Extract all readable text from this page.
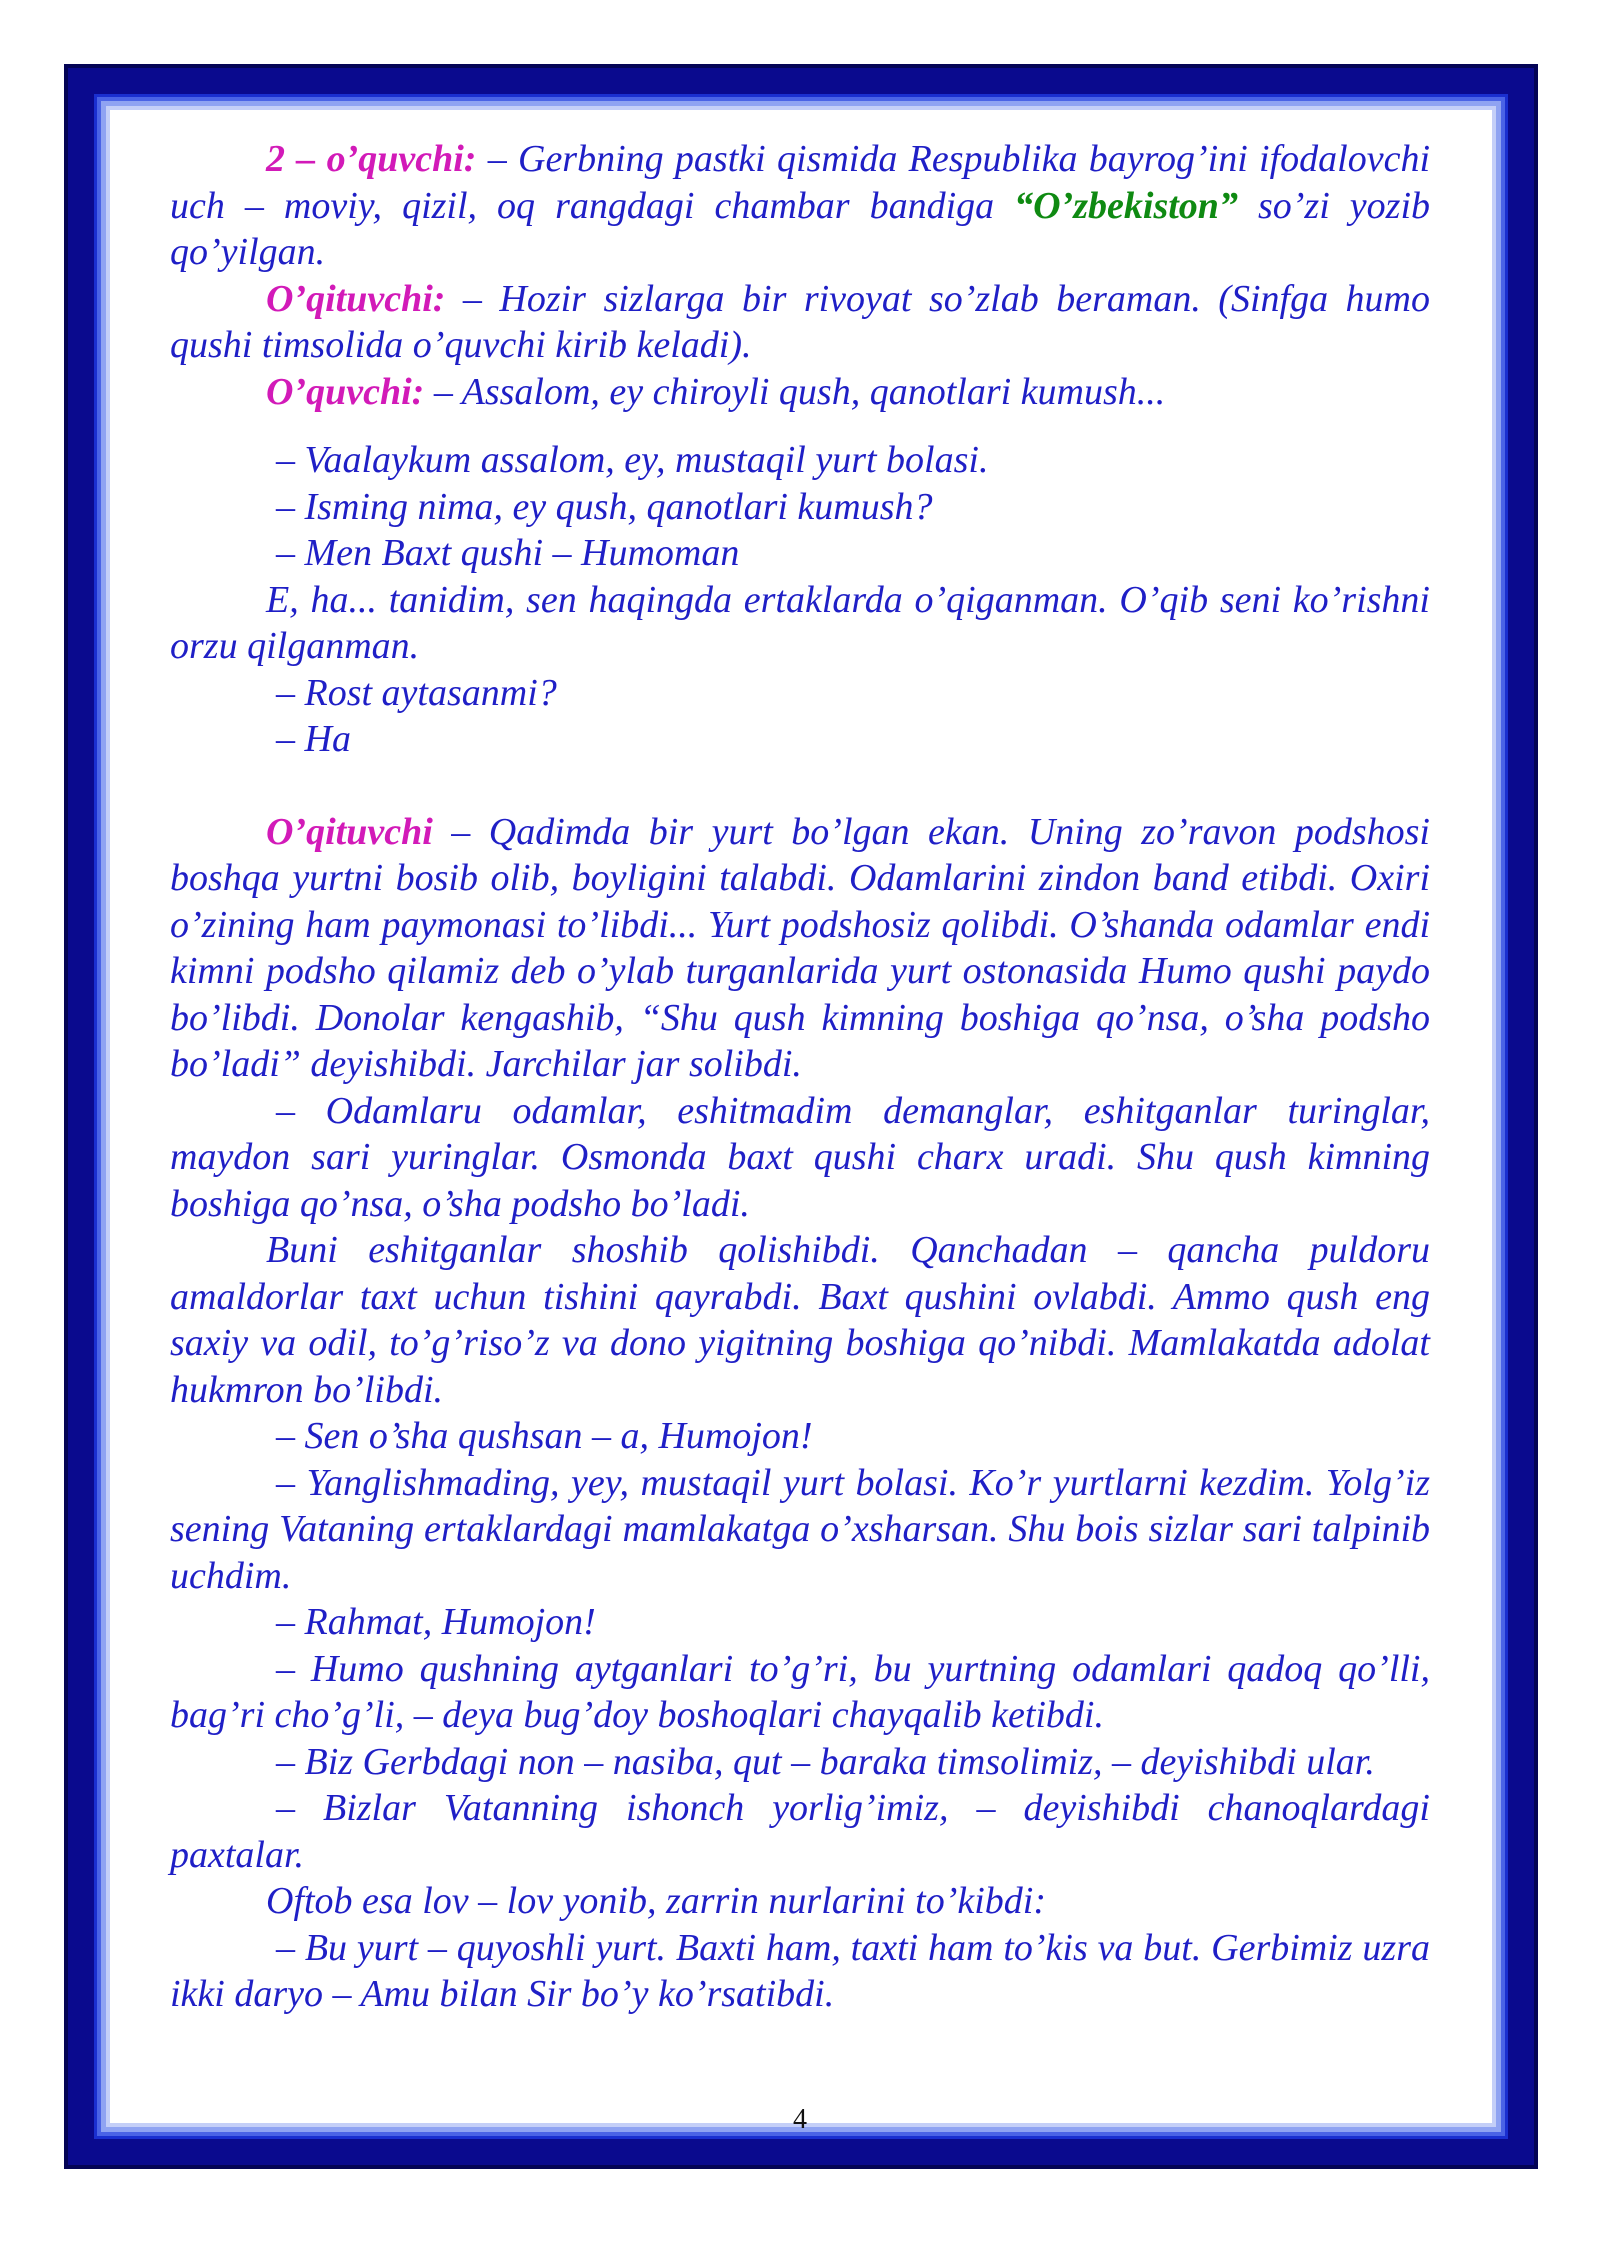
2 – o’quvchi: – Gerbning pastki qismida Respublika bayrog’ini ifodalovchi uch – moviy, qizil, oq rangdagi chambar bandiga “O’zbekiston” so’zi yozib qo’yilgan.

O’qituvchi: – Hozir sizlarga bir rivoyat so’zlab beraman. (Sinfga humo qushi timsolida o’quvchi kirib keladi).

O’quvchi: – Assalom, ey chiroyli qush, qanotlari kumush...

– Vaalaykum assalom, ey, mustaqil yurt bolasi.

– Isming nima, ey qush, qanotlari kumush?

– Men Baxt qushi – Humoman

E, ha... tanidim, sen haqingda ertaklarda o’qiganman. O’qib seni ko’rishni orzu qilganman.

– Rost aytasanmi?

– Ha

O’qituvchi – Qadimda bir yurt bo’lgan ekan. Uning zo’ravon podshosi boshqa yurtni bosib olib, boyligini talabdi. Odamlarini zindon band etibdi. Oxiri o’zining ham paymonasi to’libdi... Yurt podshosiz qolibdi. O’shanda odamlar endi kimni podsho qilamiz deb o’ylab turganlarida yurt ostonasida Humo qushi paydo bo’libdi. Donolar kengashib, “Shu qush kimning boshiga qo’nsa, o’sha podsho bo’ladi” deyishibdi. Jarchilar jar solibdi.

– Odamlaru odamlar, eshitmadim demanglar, eshitganlar turinglar, maydon sari yuringlar. Osmonda baxt qushi charx uradi. Shu qush kimning boshiga qo’nsa, o’sha podsho bo’ladi.

Buni eshitganlar shoshib qolishibdi. Qanchadan – qancha puldoru amaldorlar taxt uchun tishini qayrabdi. Baxt qushini ovlabdi. Ammo qush eng saxiy va odil, to’g’riso’z va dono yigitning boshiga qo’nibdi. Mamlakatda adolat hukmron bo’libdi.

– Sen o’sha qushsan – a, Humojon!

– Yanglishmading, yey, mustaqil yurt bolasi. Ko’r yurtlarni kezdim. Yolg’iz sening Vataning ertaklardagi mamlakatga o’xsharsan. Shu bois sizlar sari talpinib uchdim.

– Rahmat, Humojon!

– Humo qushning aytganlari to’g’ri, bu yurtning odamlari qadoq qo’lli, bag’ri cho’g’li, – deya bug’doy boshoqlari chayqalib ketibdi.

– Biz Gerbdagi non – nasiba, qut – baraka timsolimiz, – deyishibdi ular.

– Bizlar Vatanning ishonch yorlig’imiz, – deyishibdi chanoqlardagi paxtalar.

Oftob esa lov – lov yonib, zarrin nurlarini to’kibdi:

– Bu yurt – quyoshli yurt. Baxti ham, taxti ham to’kis va but. Gerbimiz uzra ikki daryo – Amu bilan Sir bo’y ko’rsatibdi.

4
